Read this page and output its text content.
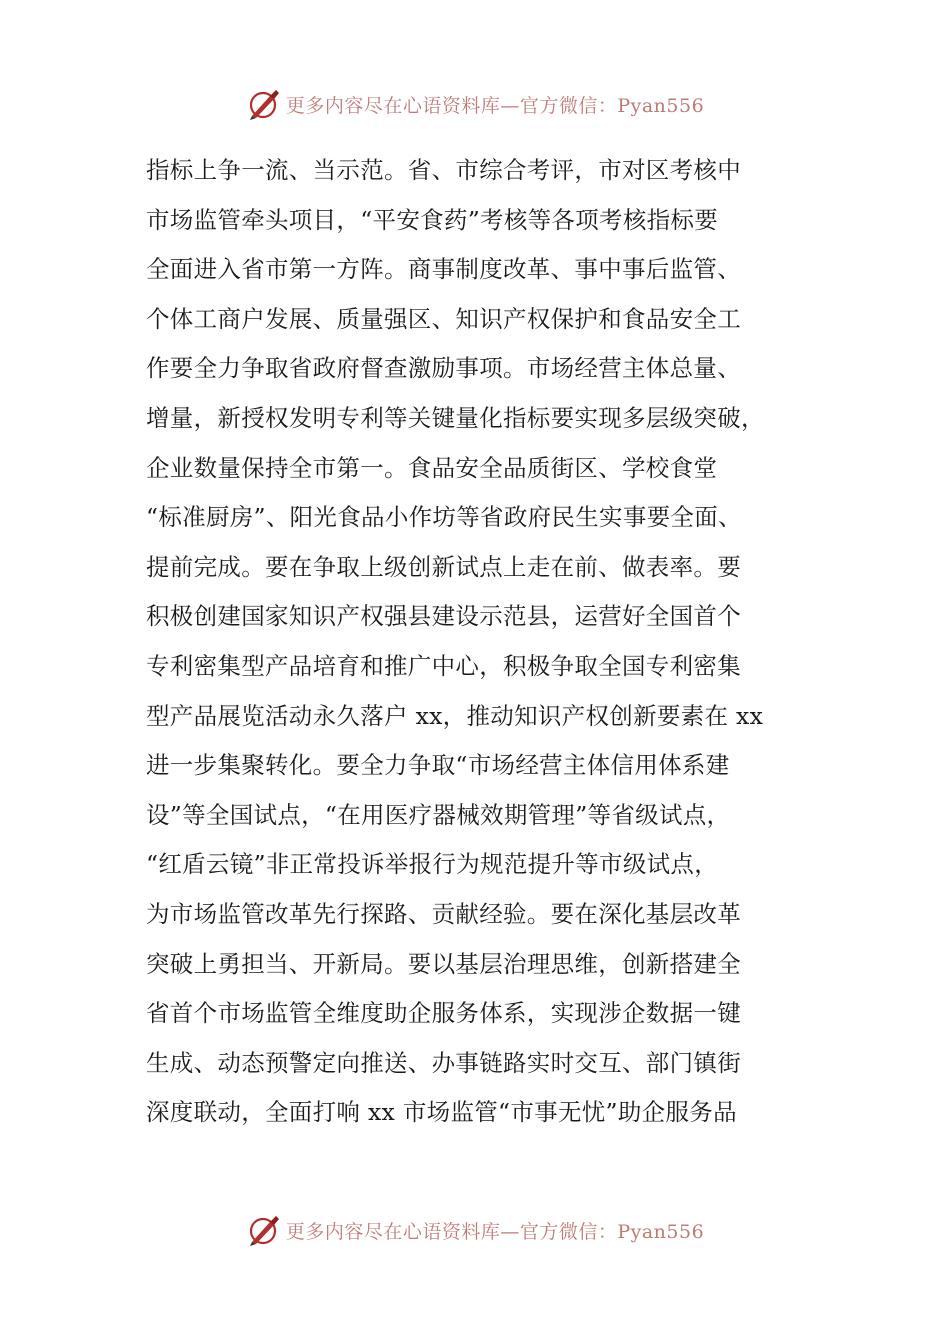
更多内容尽在心语资料库—官方微信：Pyan556
指标上争一流、当示范。省、市综合考评，市对区考核中
市场监管牵头项目，“平安食药”考核等各项考核指标要
全面进入省市第一方阵。商事制度改革、事中事后监管、
个体工商户发展、质量强区、知识产权保护和食品安全工
作要全力争取省政府督查激励事项。市场经营主体总量、
增量，新授权发明专利等关键量化指标要实现多层级突破，
企业数量保持全市第一。食品安全品质街区、学校食堂
“标准厨房”、阳光食品小作坊等省政府民生实事要全面、
提前完成。要在争取上级创新试点上走在前、做表率。要
积极创建国家知识产权强县建设示范县，运营好全国首个
专利密集型产品培育和推广中心，积极争取全国专利密集
型产品展览活动永久落户 xx，推动知识产权创新要素在 xx
进一步集聚转化。要全力争取“市场经营主体信用体系建
设”等全国试点，“在用医疗器械效期管理”等省级试点，
“红盾云镜”非正常投诉举报行为规范提升等市级试点，
为市场监管改革先行探路、贡献经验。要在深化基层改革
突破上勇担当、开新局。要以基层治理思维，创新搭建全
省首个市场监管全维度助企服务体系，实现涉企数据一键
生成、动态预警定向推送、办事链路实时交互、部门镇街
深度联动，全面打响 xx 市场监管“市事无忧”助企服务品
更多内容尽在心语资料库—官方微信：Pyan556
